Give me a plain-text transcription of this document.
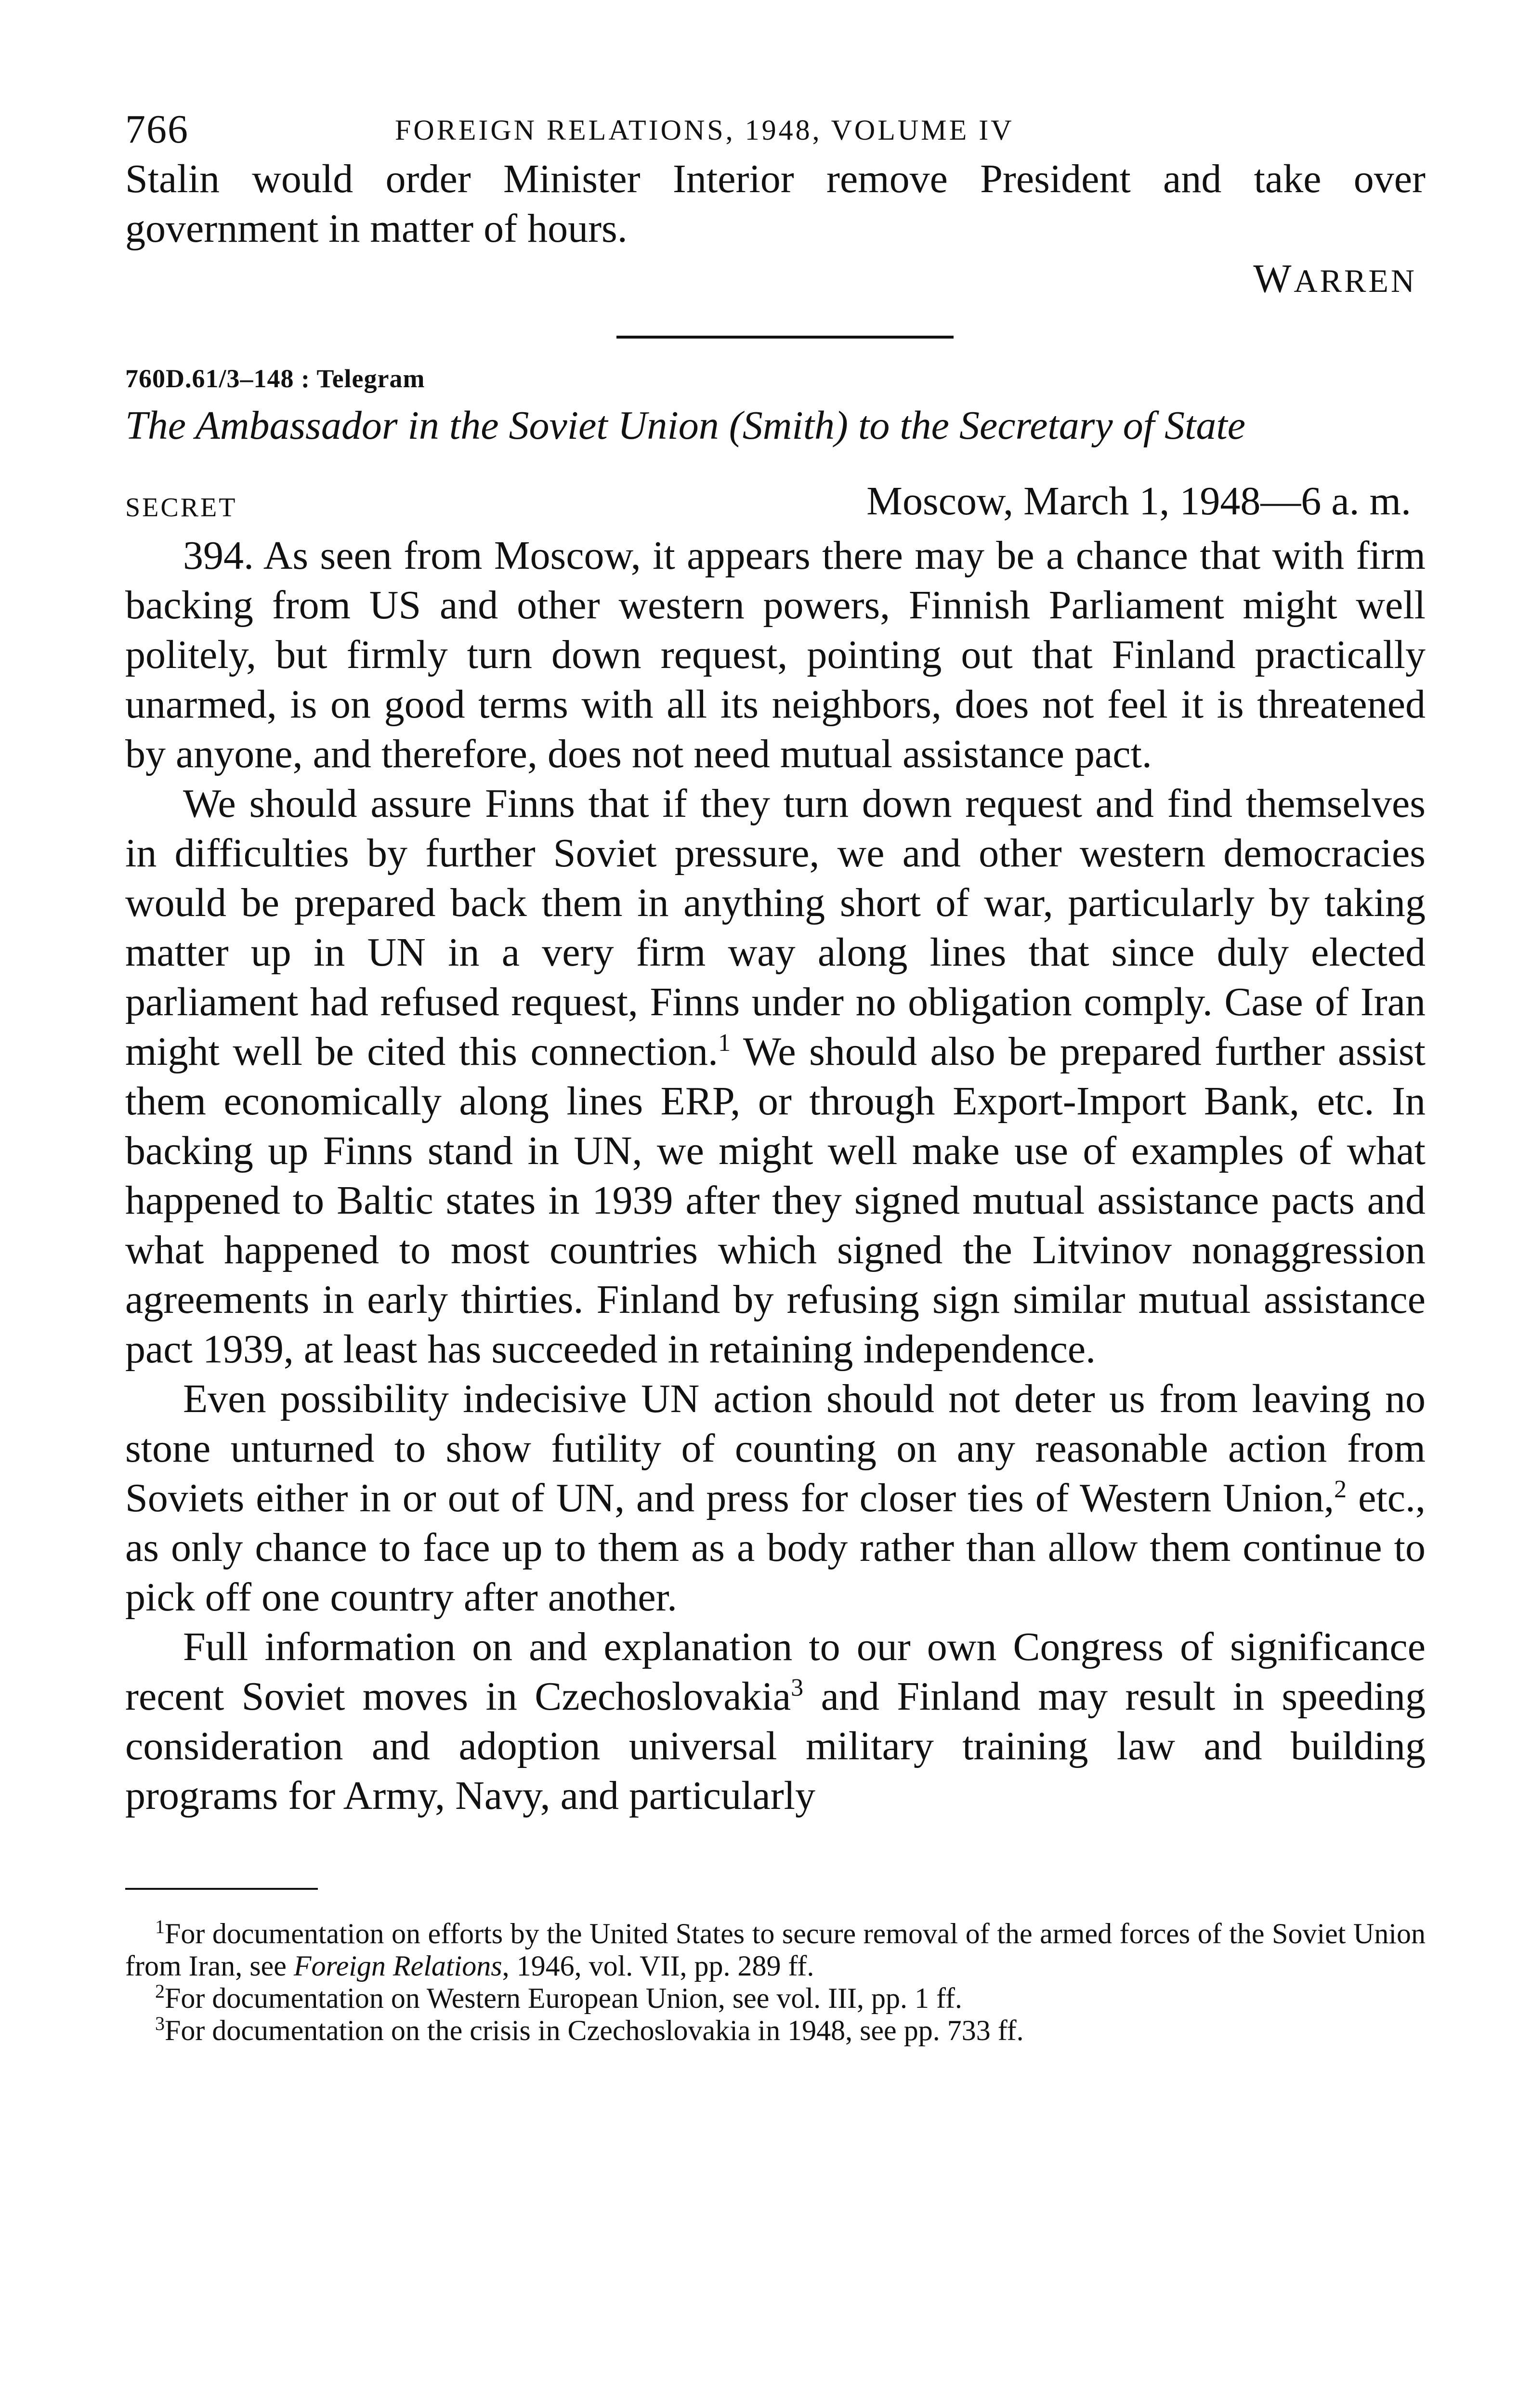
766	FOREIGN RELATIONS, 1948, VOLUME IV

Stalin would order Minister Interior remove President and take over government in matter of hours.

WARREN
760D.61/3–148 : Telegram
The Ambassador in the Soviet Union (Smith) to the Secretary of State
SECRET	Moscow, March 1, 1948—6 a. m.

394. As seen from Moscow, it appears there may be a chance that with firm backing from US and other western powers, Finnish Parliament might well politely, but firmly turn down request, pointing out that Finland practically unarmed, is on good terms with all its neighbors, does not feel it is threatened by anyone, and therefore, does not need mutual assistance pact.

We should assure Finns that if they turn down request and find themselves in difficulties by further Soviet pressure, we and other western democracies would be prepared back them in anything short of war, particularly by taking matter up in UN in a very firm way along lines that since duly elected parliament had refused request, Finns under no obligation comply. Case of Iran might well be cited this connection.$^1$ We should also be prepared further assist them economically along lines ERP, or through Export-Import Bank, etc. In backing up Finns stand in UN, we might well make use of examples of what happened to Baltic states in 1939 after they signed mutual assistance pacts and what happened to most countries which signed the Litvinov nonaggression agreements in early thirties. Finland by refusing sign similar mutual assistance pact 1939, at least has succeeded in retaining independence.

Even possibility indecisive UN action should not deter us from leaving no stone unturned to show futility of counting on any reasonable action from Soviets either in or out of UN, and press for closer ties of Western Union,$^2$ etc., as only chance to face up to them as a body rather than allow them continue to pick off one country after another.

Full information on and explanation to our own Congress of significance recent Soviet moves in Czechoslovakia$^3$ and Finland may result in speeding consideration and adoption universal military training law and building programs for Army, Navy, and particularly

$^1$For documentation on efforts by the United States to secure removal of the armed forces of the Soviet Union from Iran, see Foreign Relations, 1946, vol. VII, pp. 289 ff.

$^2$For documentation on Western European Union, see vol. III, pp. 1 ff.

$^3$For documentation on the crisis in Czechoslovakia in 1948, see pp. 733 ff.
